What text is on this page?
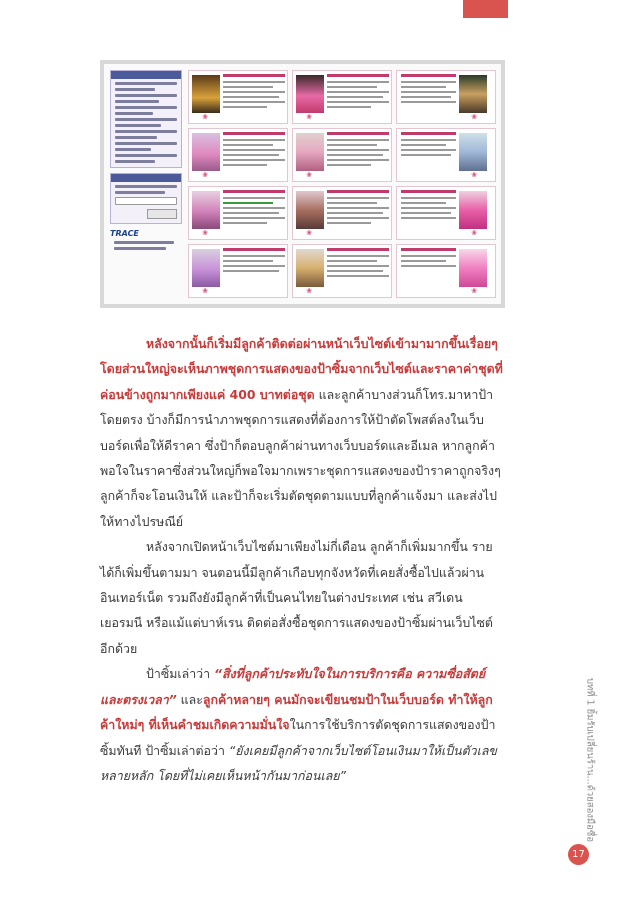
TRACE
❀	❀	❀
❀	❀	❀
❀	❀	❀
❀	❀	❀

หลังจากนั้นก็เริ่มมีลูกค้าติดต่อผ่านหน้าเว็บไซต์เข้ามามากขึ้นเรื่อยๆ โดยส่วนใหญ่จะเห็นภาพชุดการแสดงของป้าซิ้มจากเว็บไซต์และราคาค่าชุดที่ค่อนข้างถูกมากเพียงแค่ 400 บาทต่อชุด และลูกค้าบางส่วนก็โทร.มาหาป้าโดยตรง บ้างก็มีการนำภาพชุดการแสดงที่ต้องการให้ป้าตัดโพสต์ลงในเว็บบอร์ดเพื่อให้ดีราคา ซึ่งป้าก็ตอบลูกค้าผ่านทางเว็บบอร์ดและอีเมล หากลูกค้าพอใจในราคาซึ่งส่วนใหญ่ก็พอใจมากเพราะชุดการแสดงของป้าราคาถูกจริงๆ ลูกค้าก็จะโอนเงินให้ และป้าก็จะเริ่มตัดชุดตามแบบที่ลูกค้าแจ้งมา และส่งไปให้ทางไปรษณีย์

หลังจากเปิดหน้าเว็บไซต์มาเพียงไม่กี่เดือน ลูกค้าก็เพิ่มมากขึ้น รายได้ก็เพิ่มขึ้นตามมา จนตอนนี้มีลูกค้าเกือบทุกจังหวัดที่เคยสั่งซื้อไปแล้วผ่านอินเทอร์เน็ต รวมถึงยังมีลูกค้าที่เป็นคนไทยในต่างประเทศ เช่น สวีเดน เยอรมนี หรือแม้แต่บาห์เรน ติดต่อสั่งซื้อชุดการแสดงของป้าซิ้มผ่านเว็บไซต์อีกด้วย

ป้าซิ้มเล่าว่า “สิ่งที่ลูกค้าประทับใจในการบริการคือ ความซื่อสัตย์และตรงเวลา” และลูกค้าหลายๆ คนมักจะเขียนชมป้าในเว็บบอร์ด ทำให้ลูกค้าใหม่ๆ ที่เห็นคำชมเกิดความมั่นใจในการใช้บริการตัดชุดการแสดงของป้าซิ้มทันที ป้าซิ้มเล่าต่อว่า “ยังเคยมีลูกค้าจากเว็บไซต์โอนเงินมาให้เป็นตัวเลขหลายหลัก โดยที่ไม่เคยเห็นหน้ากันมาก่อนเลย”	บทที่ 1 ยิ้มรับเปลี่ยนร้าน...ด้วยสองมือซื่อ
17
